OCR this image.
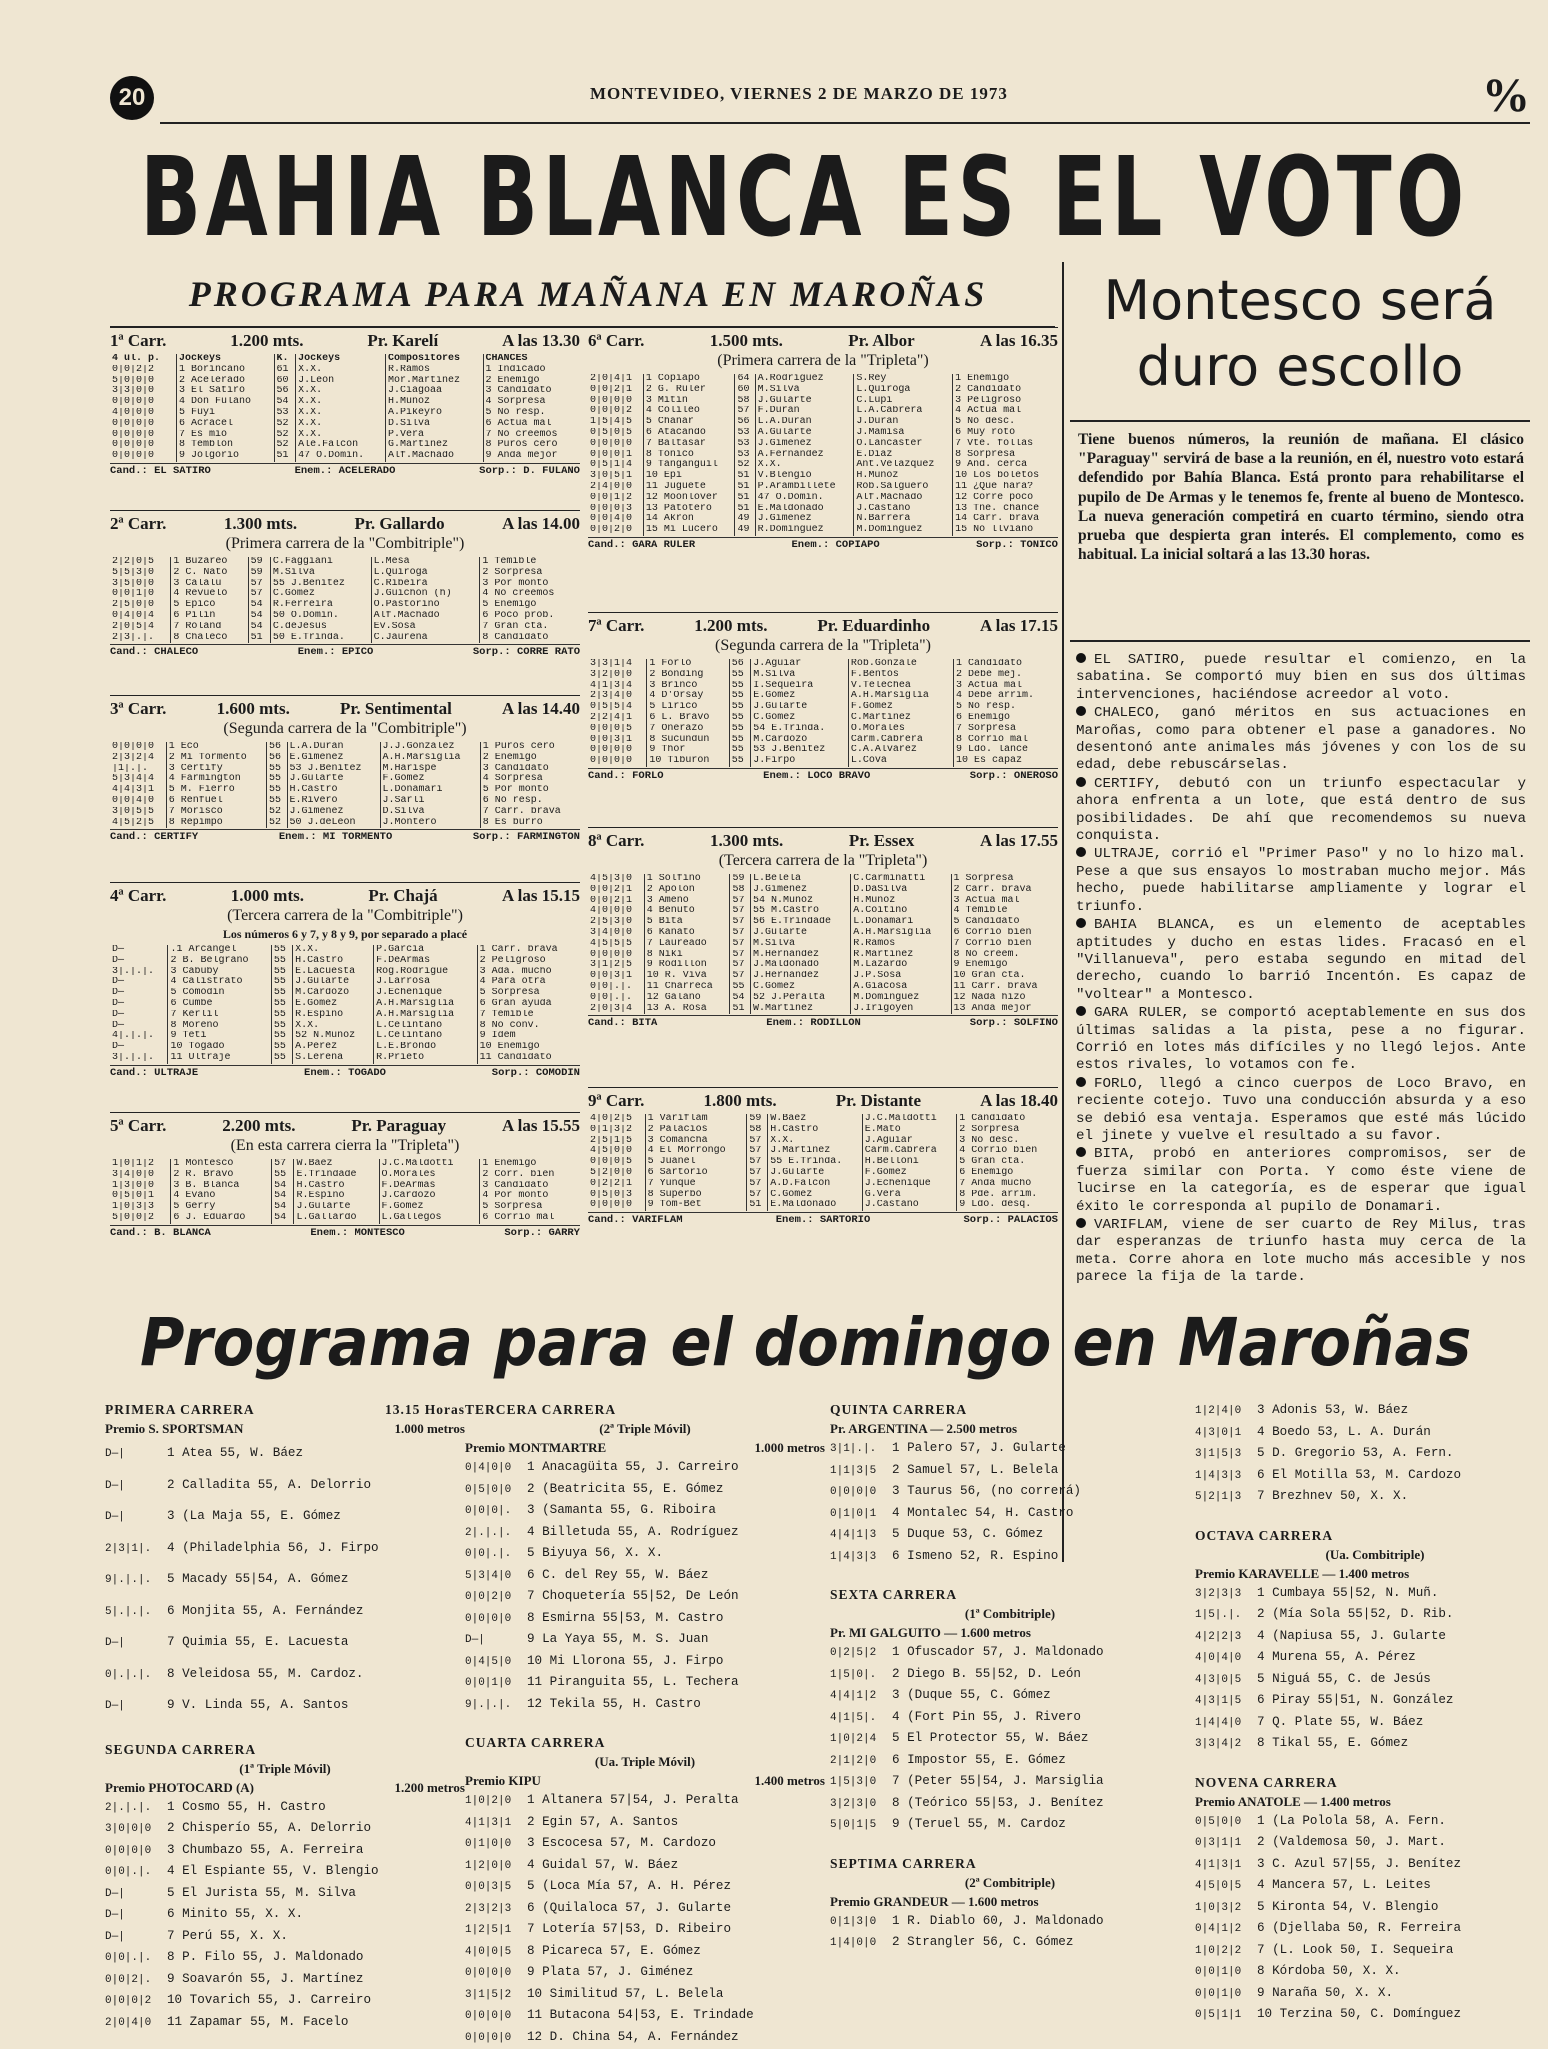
20	MONTEVIDEO, VIERNES 2 DE MARZO DE 1973	%
BAHIA BLANCA ES EL VOTO
PROGRAMA PARA MAÑANA EN MAROÑAS	Montesco será duro escollo
Tiene buenos números, la reunión de mañana. El clásico "Paraguay" servirá de base a la reunión, en él, nuestro voto estará defendido por Bahía Blanca. Está pronto para rehabilitarse el pupilo de De Armas y le tenemos fe, frente al bueno de Montesco. La nueva generación competirá en cuarto término, siendo otra prueba que despierta gran interés. El complemento, como es habitual. La inicial soltará a las 13.30 horas.

EL SATIRO, puede resultar el comienzo, en la sabatina. Se comportó muy bien en sus dos últimas intervenciones, haciéndose acreedor al voto.

CHALECO, ganó méritos en sus actuaciones en Maroñas, como para obtener el pase a ganadores. No desentonó ante animales más jóvenes y con los de su edad, debe rebuscárselas.

CERTIFY, debutó con un triunfo espectacular y ahora enfrenta a un lote, que está dentro de sus posibilidades. De ahí que recomendemos su nueva conquista.

ULTRAJE, corrió el "Primer Paso" y no lo hizo mal. Pese a que sus ensayos lo mostraban mucho mejor. Más hecho, puede habilitarse ampliamente y lograr el triunfo.

BAHIA BLANCA, es un elemento de aceptables aptitudes y ducho en estas lides. Fracasó en el "Villanueva", pero estaba segundo en mitad del derecho, cuando lo barrió Incentón. Es capaz de "voltear" a Montesco.

GARA RULER, se comportó aceptablemente en sus dos últimas salidas a la pista, pese a no figurar. Corrió en lotes más difíciles y no llegó lejos. Ante estos rivales, lo votamos con fe.

FORLO, llegó a cinco cuerpos de Loco Bravo, en reciente cotejo. Tuvo una conducción absurda y a eso se debió esa ventaja. Esperamos que esté más lúcido el jinete y vuelve el resultado a su favor.

BITA, probó en anteriores compromisos, ser de fuerza similar con Porta. Y como éste viene de lucirse en la categoría, es de esperar que igual éxito le corresponda al pupilo de Donamari.

VARIFLAM, viene de ser cuarto de Rey Milus, tras dar esperanzas de triunfo hasta muy cerca de la meta. Corre ahora en lote mucho más accesible y nos parece la fija de la tarde.

1ª Carr.	1.200 mts.	Pr. Karelí	A las 13.30
4 úl. p.	Jockeys	K.	Jockeys	Compositores	CHANCES
0|0|2|2	1 Borincano	61	X.X.	R.Ramos	1 Indicado
5|0|0|0	2 Acelerado	60	J.León	Mor.Martínez	2 Enemigo
3|3|0|0	3 El Satiro	56	X.X.	J.Ciagoaa	3 Candidato
0|0|0|0	4 Don Fulano	54	X.X.	H.Muñoz	4 Sorpresa
4|0|0|0	5 Fuyi	53	X.X.	A.Pikeyro	5 No resp.
0|0|0|0	6 Acracel	52	X.X.	D.Silva	6 Actúa mal
0|0|0|0	7 Es mio	52	X.X.	P.Vera	7 No creemos
0|0|0|0	8 Temblón	52	Ale.Falcón	G.Martínez	8 Puros cero
0|0|0|0	9 Jolgorio	51	47 O.Domín.	Alf.Machado	9 Anda mejor
Cand.: EL SATIRO	Enem.: ACELERADO	Sorp.: D. FULANO
2ª Carr.	1.300 mts.	Pr. Gallardo	A las 14.00
(Primera carrera de la "Combitriple")
2|2|0|5	1 Buzareo	59	C.Faggiani	L.Mesa	1 Temible
5|5|3|0	2 C. Nato	59	M.Silva	L.Quiroga	2 Sorpresa
3|5|0|0	3 Calalú	57	55 J.Benítez	C.Ribeira	3 Por monto
0|0|1|0	4 Revuelo	57	C.Gómez	J.Guichón (h)	4 No creemos
2|5|0|0	5 Epico	54	R.Ferreira	O.Pastorino	5 Enemigo
0|4|0|4	6 Pilin	54	50 O.Domín.	Alf.Machado	6 Poco prob.
2|0|5|4	7 Roland	54	C.deJesús	Ev.Sosa	7 Gran cta.
2|3|.|.	8 Chaleco	51	50 E.Trinda.	C.Jaurena	8 Candidato
Cand.: CHALECO	Enem.: EPICO	Sorp.: CORRE RATO
3ª Carr.	1.600 mts.	Pr. Sentimental	A las 14.40
(Segunda carrera de la "Combitriple")
0|0|0|0	1 Eco	56	L.A.Durán	J.J.González	1 Puros cero
2|3|2|4	2 Mi Tormento	56	E.Giménez	A.H.Marsiglia	2 Enemigo
|1|.|.	3 Certify	55	53 J.Benítez	M.Harispe	3 Candidato
5|3|4|4	4 Farmington	55	J.Gularte	F.Gómez	4 Sorpresa
4|4|3|1	5 M. Fierro	55	H.Castro	L.Donamari	5 Por monto
0|0|4|0	6 Renfuel	55	E.Rivero	J.Sarli	6 No resp.
3|0|5|5	7 Morisco	52	J.Giménez	D.Silva	7 Carr. brava
4|5|2|5	8 Repimpo	52	50 J.deLeón	J.Montero	8 Es burro
Cand.: CERTIFY	Enem.: MI TORMENTO	Sorp.: FARMINGTON
4ª Carr.	1.000 mts.	Pr. Chajá	A las 15.15
(Tercera carrera de la "Combitriple")
Los números 6 y 7, y 8 y 9, por separado a placé
D—	.1 Arcángel	55	X.X.	P.García	1 Carr. brava
D—	2 B. Belgrano	55	H.Castro	F.DeArmas	2 Peligroso
3|.|.|.	3 Cabuby	55	E.Lacuesta	Rog.Rodrígue	3 Ada. mucho
D—	4 Calistrato	55	J.Gularte	J.Larrosa	4 Para otra
D—	5 Comodín	55	M.Cardozo	J.Echenique	5 Sorpresa
D—	6 Cumbé	55	E.Gómez	A.H.Marsiglia	6 Gran ayuda
D—	7 Kerlil	55	R.Espino	A.H.Marsiglia	7 Temible
D—	8 Moreno	55	X.X.	L.Celintano	8 No conv.
4|.|.|.	9 Teti	55	52 N.Muñoz	L.Celintano	9 Idem
D—	10 Togado	55	A.Pérez	L.E.Brondo	10 Enemigo
3|.|.|.	11 Ultraje	55	S.Lerena	R.Prieto	11 Candidato
Cand.: ULTRAJE	Enem.: TOGADO	Sorp.: COMODIN
5ª Carr.	2.200 mts.	Pr. Paraguay	A las 15.55
(En esta carrera cierra la "Tripleta")
1|0|1|2	1 Montesco	57	W.Báez	J.C.Maldotti	1 Enemigo
3|4|0|0	2 R. Bravo	55	E.Trindade	O.Morales	2 Corr. bien
1|3|0|0	3 B. Blanca	54	H.Castro	F.DeArmas	3 Candidato
0|5|0|1	4 Evano	54	R.Espino	J.Cardozo	4 Por monto
1|0|3|3	5 Gerry	54	J.Gularte	F.Gómez	5 Sorpresa
5|0|0|2	6 J. Eduardo	54	L.Gallardo	L.Gallegos	6 Corrió mal
Cand.: B. BLANCA	Enem.: MONTESCO	Sorp.: GARRY
6ª Carr.	1.500 mts.	Pr. Albor	A las 16.35
(Primera carrera de la "Tripleta")
2|0|4|1	1 Copiapó	64	A.Rodríguez	S.Rey	1 Enemigo
0|0|2|1	2 G. Ruler	60	M.Silva	L.Quiroga	2 Candidato
0|0|0|0	3 Mitin	58	J.Gularte	C.Lupi	3 Peligroso
0|0|0|2	4 Colileo	57	F.Durán	L.A.Cabrera	4 Actúa mal
1|5|4|5	5 Chañar	56	L.A.Durán	J.Durán	5 No desc.
0|5|0|5	6 Atacando	53	A.Gularte	J.Mamisa	6 Muy roto
0|0|0|0	7 Baltasar	53	J.Giménez	O.Lancaster	7 Vte. follas
0|0|0|1	8 Tónico	53	A.Fernández	E.Díaz	8 Sorpresa
0|5|1|4	9 Tanganguil	52	X.X.	Ant.Velázquez	9 And. cerca
3|0|5|1	10 Epi	51	V.Blengio	H.Muñoz	10 Los boletos
2|4|0|0	11 Juguete	51	P.Arambillete	Rob.Salguero	11 ¿Qué hará?
0|0|1|2	12 Moonlover	51	47 O.Domín.	Alf.Machado	12 Corre poco
0|0|0|3	13 Patotero	51	E.Maldonado	J.Castano	13 Tne. chance
0|0|4|0	14 Akrón	49	J.Giménez	N.Barrera	14 Carr. brava
0|0|2|0	15 Mi Lucero	49	R.Domínguez	M.Domínguez	15 No llviano
Cand.: GARA RULER	Enem.: COPIAPO	Sorp.: TONICO
7ª Carr.	1.200 mts.	Pr. Eduardinho	A las 17.15
(Segunda carrera de la "Tripleta")
3|3|1|4	1 Forlo	56	J.Aguiar	Rob.Gonzále	1 Candidato
3|2|0|0	2 Bonding	55	M.Silva	F.Bentos	2 Debe mej.
4|1|3|4	3 Brinco	55	I.Sequeira	V.Telechea	3 Actúa mal
2|3|4|0	4 D'Orsay	55	E.Gómez	A.H.Marsiglia	4 Debe arrim.
0|5|5|4	5 Lírico	55	J.Gularte	F.Gómez	5 No resp.
2|2|4|1	6 L. Bravo	55	C.Gómez	C.Martínez	6 Enemigo
0|0|0|5	7 Onerazo	55	54 E.Trinda.	O.Morales	7 Sorpresa
0|0|3|1	8 Sucundún	55	M.Cardozo	Carm.Cabrera	8 Corrió mal
0|0|0|0	9 Thor	55	53 J.Benítez	C.A.Alvarez	9 Ldo. lance
0|0|0|0	10 Tiburón	55	J.Firpo	L.Cova	10 Es capaz
Cand.: FORLO	Enem.: LOCO BRAVO	Sorp.: ONEROSO
8ª Carr.	1.300 mts.	Pr. Essex	A las 17.55
(Tercera carrera de la "Tripleta")
4|5|3|0	1 Solfino	59	L.Belela	C.Carminatti	1 Sorpresa
0|0|2|1	2 Apolón	58	J.Giménez	D.DaSilva	2 Carr. brava
0|0|2|1	3 Ameno	57	54 N.Muñoz	H.Muñoz	3 Actúa mal
4|0|0|0	4 Benuto	57	55 M.Castro	A.Coitiño	4 Temible
2|5|3|0	5 Bita	57	56 E.Trindade	L.Donamari	5 Candidato
3|4|0|0	6 Kanato	57	J.Gularte	A.H.Marsiglia	6 Corrió bien
4|5|5|5	7 Laureado	57	M.Silva	R.Ramos	7 Corrió bien
0|0|0|0	8 Niki	57	M.Hernández	R.Martínez	8 No creem.
3|1|2|5	9 Rodillón	57	J.Maldonado	M.Lazardo	9 Enemigo
0|0|3|1	10 R. Viva	57	J.Hernández	J.P.Sosa	10 Gran cta.
0|0|.|.	11 Charreca	55	C.Gómez	A.Giacosa	11 Carr. brava
0|0|.|.	12 Galano	54	52 J.Peralta	M.Domínguez	12 Nada hizo
2|0|3|4	13 A. Rosa	51	W.Martínez	J.Irigoyen	13 Anda mejor
Cand.: BITA	Enem.: RODILLON	Sorp.: SOLFINO
9ª Carr.	1.800 mts.	Pr. Distante	A las 18.40
4|0|2|5	1 Variflam	59	W.Báez	J.C.Maldotti	1 Candidato
0|1|3|2	2 Palacios	58	H.Castro	E.Mato	2 Sorpresa
2|5|1|5	3 Comancha	57	X.X.	J.Aguiar	3 No desc.
4|5|0|0	4 El Morrongo	57	J.Martínez	Carm.Cabrera	4 Corrió bien
0|0|0|5	5 Juanel	57	55 E.Trinda.	H.Belloni	5 Gran cta.
5|2|0|0	6 Sartorio	57	J.Gularte	F.Gómez	6 Enemigo
0|2|2|1	7 Yunque	57	A.D.Falcón	J.Echenique	7 Anda mucho
0|5|0|3	8 Superbo	57	C.Gómez	G.Vera	8 Pde. arrim.
0|0|0|0	9 Tom-Bet	51	E.Maldonado	J.Castano	9 Ldo. desq.
Cand.: VARIFLAM	Enem.: SARTORIO	Sorp.: PALACIOS
Programa para el domingo en Maroñas
PRIMERA CARRERA	13.15 Horas
Premio S. SPORTSMAN	1.000 metros
D—|	1 Atea 55, W. Báez
D—|	2 Calladita 55, A. Delorrio
D—|	3 (La Maja 55, E. Gómez
2|3|1|. 4 (Philadelphia 56, J. Firpo
9|.|.|. 5 Macady 55|54, A. Gómez
5|.|.|. 6 Monjita 55, A. Fernández
D—|	7 Quimia 55, E. Lacuesta
0|.|.|. 8 Veleidosa 55, M. Cardoz.
D—|	9 V. Linda 55, A. Santos
SEGUNDA CARRERA
(1ª Triple Móvil)
Premio PHOTOCARD (A)	1.200 metros
2|.|.|. 1 Cosmo 55, H. Castro
3|0|0|0 2 Chisperío 55, A. Delorrio
0|0|0|0 3 Chumbazo 55, A. Ferreira
0|0|.|. 4 El Espiante 55, V. Blengio
D—|	5 El Jurista 55, M. Silva
D—|	6 Minito 55, X. X.
D—|	7 Perú 55, X. X.
0|0|.|. 8 P. Filo 55, J. Maldonado
0|0|2|. 9 Soavarón 55, J. Martínez
0|0|0|2 10 Tovarich 55, J. Carreiro
2|0|4|0 11 Zapamar 55, M. Facelo
TERCERA CARRERA
(2ª Triple Móvil)
Premio MONTMARTRE	1.000 metros
0|4|0|0 1 Anacagüita 55, J. Carreiro
0|5|0|0 2 (Beatricita 55, E. Gómez
0|0|0|. 3 (Samanta 55, G. Riboira
2|.|.|. 4 Billetuda 55, A. Rodríguez
0|0|.|. 5 Biyuya 56, X. X.
5|3|4|0 6 C. del Rey 55, W. Báez
0|0|2|0 7 Choquetería 55|52, De León
0|0|0|0 8 Esmirna 55|53, M. Castro
D—|	9 La Yaya 55, M. S. Juan
0|4|5|0 10 Mi Llorona 55, J. Firpo
0|0|1|0 11 Piranguita 55, L. Techera
9|.|.|. 12 Tekila 55, H. Castro
CUARTA CARRERA
(Ua. Triple Móvil)
Premio KIPU	1.400 metros
1|0|2|0 1 Altanera 57|54, J. Peralta
4|1|3|1 2 Egin 57, A. Santos
0|1|0|0 3 Escocesa 57, M. Cardozo
1|2|0|0 4 Guidal 57, W. Báez
0|0|3|5 5 (Loca Mía 57, A. H. Pérez
2|3|2|3 6 (Quilaloca 57, J. Gularte
1|2|5|1 7 Lotería 57|53, D. Ribeiro
4|0|0|5 8 Picareca 57, E. Gómez
0|0|0|0 9 Plata 57, J. Giménez
3|1|5|2 10 Similitud 57, L. Belela
0|0|0|0 11 Butacona 54|53, E. Trindade
0|0|0|0 12 D. China 54, A. Fernández
QUINTA CARRERA
Pr. ARGENTINA — 2.500 metros
3|1|.|. 1 Palero 57, J. Gularte
1|1|3|5 2 Samuel 57, L. Belela
0|0|0|0 3 Taurus 56, (no correrá)
0|1|0|1 4 Montalec 54, H. Castro
4|4|1|3 5 Duque 53, C. Gómez
1|4|3|3 6 Ismeno 52, R. Espino
SEXTA CARRERA
(1ª Combitriple)
Pr. MI GALGUITO — 1.600 metros
0|2|5|2 1 Ofuscador 57, J. Maldonado
1|5|0|. 2 Diego B. 55|52, D. León
4|4|1|2 3 (Duque 55, C. Gómez
4|1|5|. 4 (Fort Pin 55, J. Rivero
1|0|2|4 5 El Protector 55, W. Báez
2|1|2|0 6 Impostor 55, E. Gómez
1|5|3|0 7 (Peter 55|54, J. Marsiglia
3|2|3|0 8 (Teórico 55|53, J. Benítez
5|0|1|5 9 (Teruel 55, M. Cardoz
SEPTIMA CARRERA
(2ª Combitriple)
Premio GRANDEUR — 1.600 metros
0|1|3|0 1 R. Diablo 60, J. Maldonado
1|4|0|0 2 Strangler 56, C. Gómez
1|2|4|0 3 Adonis 53, W. Báez
4|3|0|1 4 Boedo 53, L. A. Durán
3|1|5|3 5 D. Gregorio 53, A. Fern.
1|4|3|3 6 El Motilla 53, M. Cardozo
5|2|1|3 7 Brezhnev 50, X. X.
OCTAVA CARRERA
(Ua. Combitriple)
Premio KARAVELLE — 1.400 metros
3|2|3|3 1 Cumbaya 55|52, N. Muñ.
1|5|.|. 2 (Mía Sola 55|52, D. Rib.
4|2|2|3 4 (Napiusa 55, J. Gularte
4|0|4|0 4 Murena 55, A. Pérez
4|3|0|5 5 Niguá 55, C. de Jesús
4|3|1|5 6 Piray 55|51, N. González
1|4|4|0 7 Q. Plate 55, W. Báez
3|3|4|2 8 Tikal 55, E. Gómez
NOVENA CARRERA
Premio ANATOLE — 1.400 metros
0|5|0|0 1 (La Polola 58, A. Fern.
0|3|1|1 2 (Valdemosa 50, J. Mart.
4|1|3|1 3 C. Azul 57|55, J. Benítez
4|5|0|5 4 Mancera 57, L. Leites
1|0|3|2 5 Kironta 54, V. Blengio
0|4|1|2 6 (Djellaba 50, R. Ferreira
1|0|2|2 7 (L. Look 50, I. Sequeira
0|0|1|0 8 Kórdoba 50, X. X.
0|0|1|0 9 Naraña 50, X. X.
0|5|1|1 10 Terzina 50, C. Domínguez
